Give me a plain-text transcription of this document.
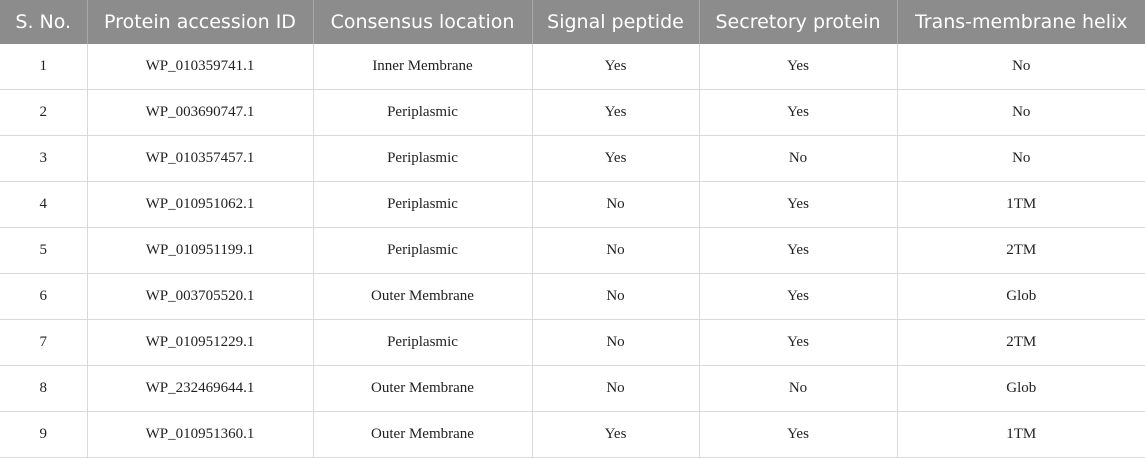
S. No.	Protein accession ID	Consensus location	Signal peptide	Secretory protein	Trans-membrane helix
1	WP_010359741.1	Inner Membrane	Yes	Yes	No
2	WP_003690747.1	Periplasmic	Yes	Yes	No
3	WP_010357457.1	Periplasmic	Yes	No	No
4	WP_010951062.1	Periplasmic	No	Yes	1TM
5	WP_010951199.1	Periplasmic	No	Yes	2TM
6	WP_003705520.1	Outer Membrane	No	Yes	Glob
7	WP_010951229.1	Periplasmic	No	Yes	2TM
8	WP_232469644.1	Outer Membrane	No	No	Glob
9	WP_010951360.1	Outer Membrane	Yes	Yes	1TM
